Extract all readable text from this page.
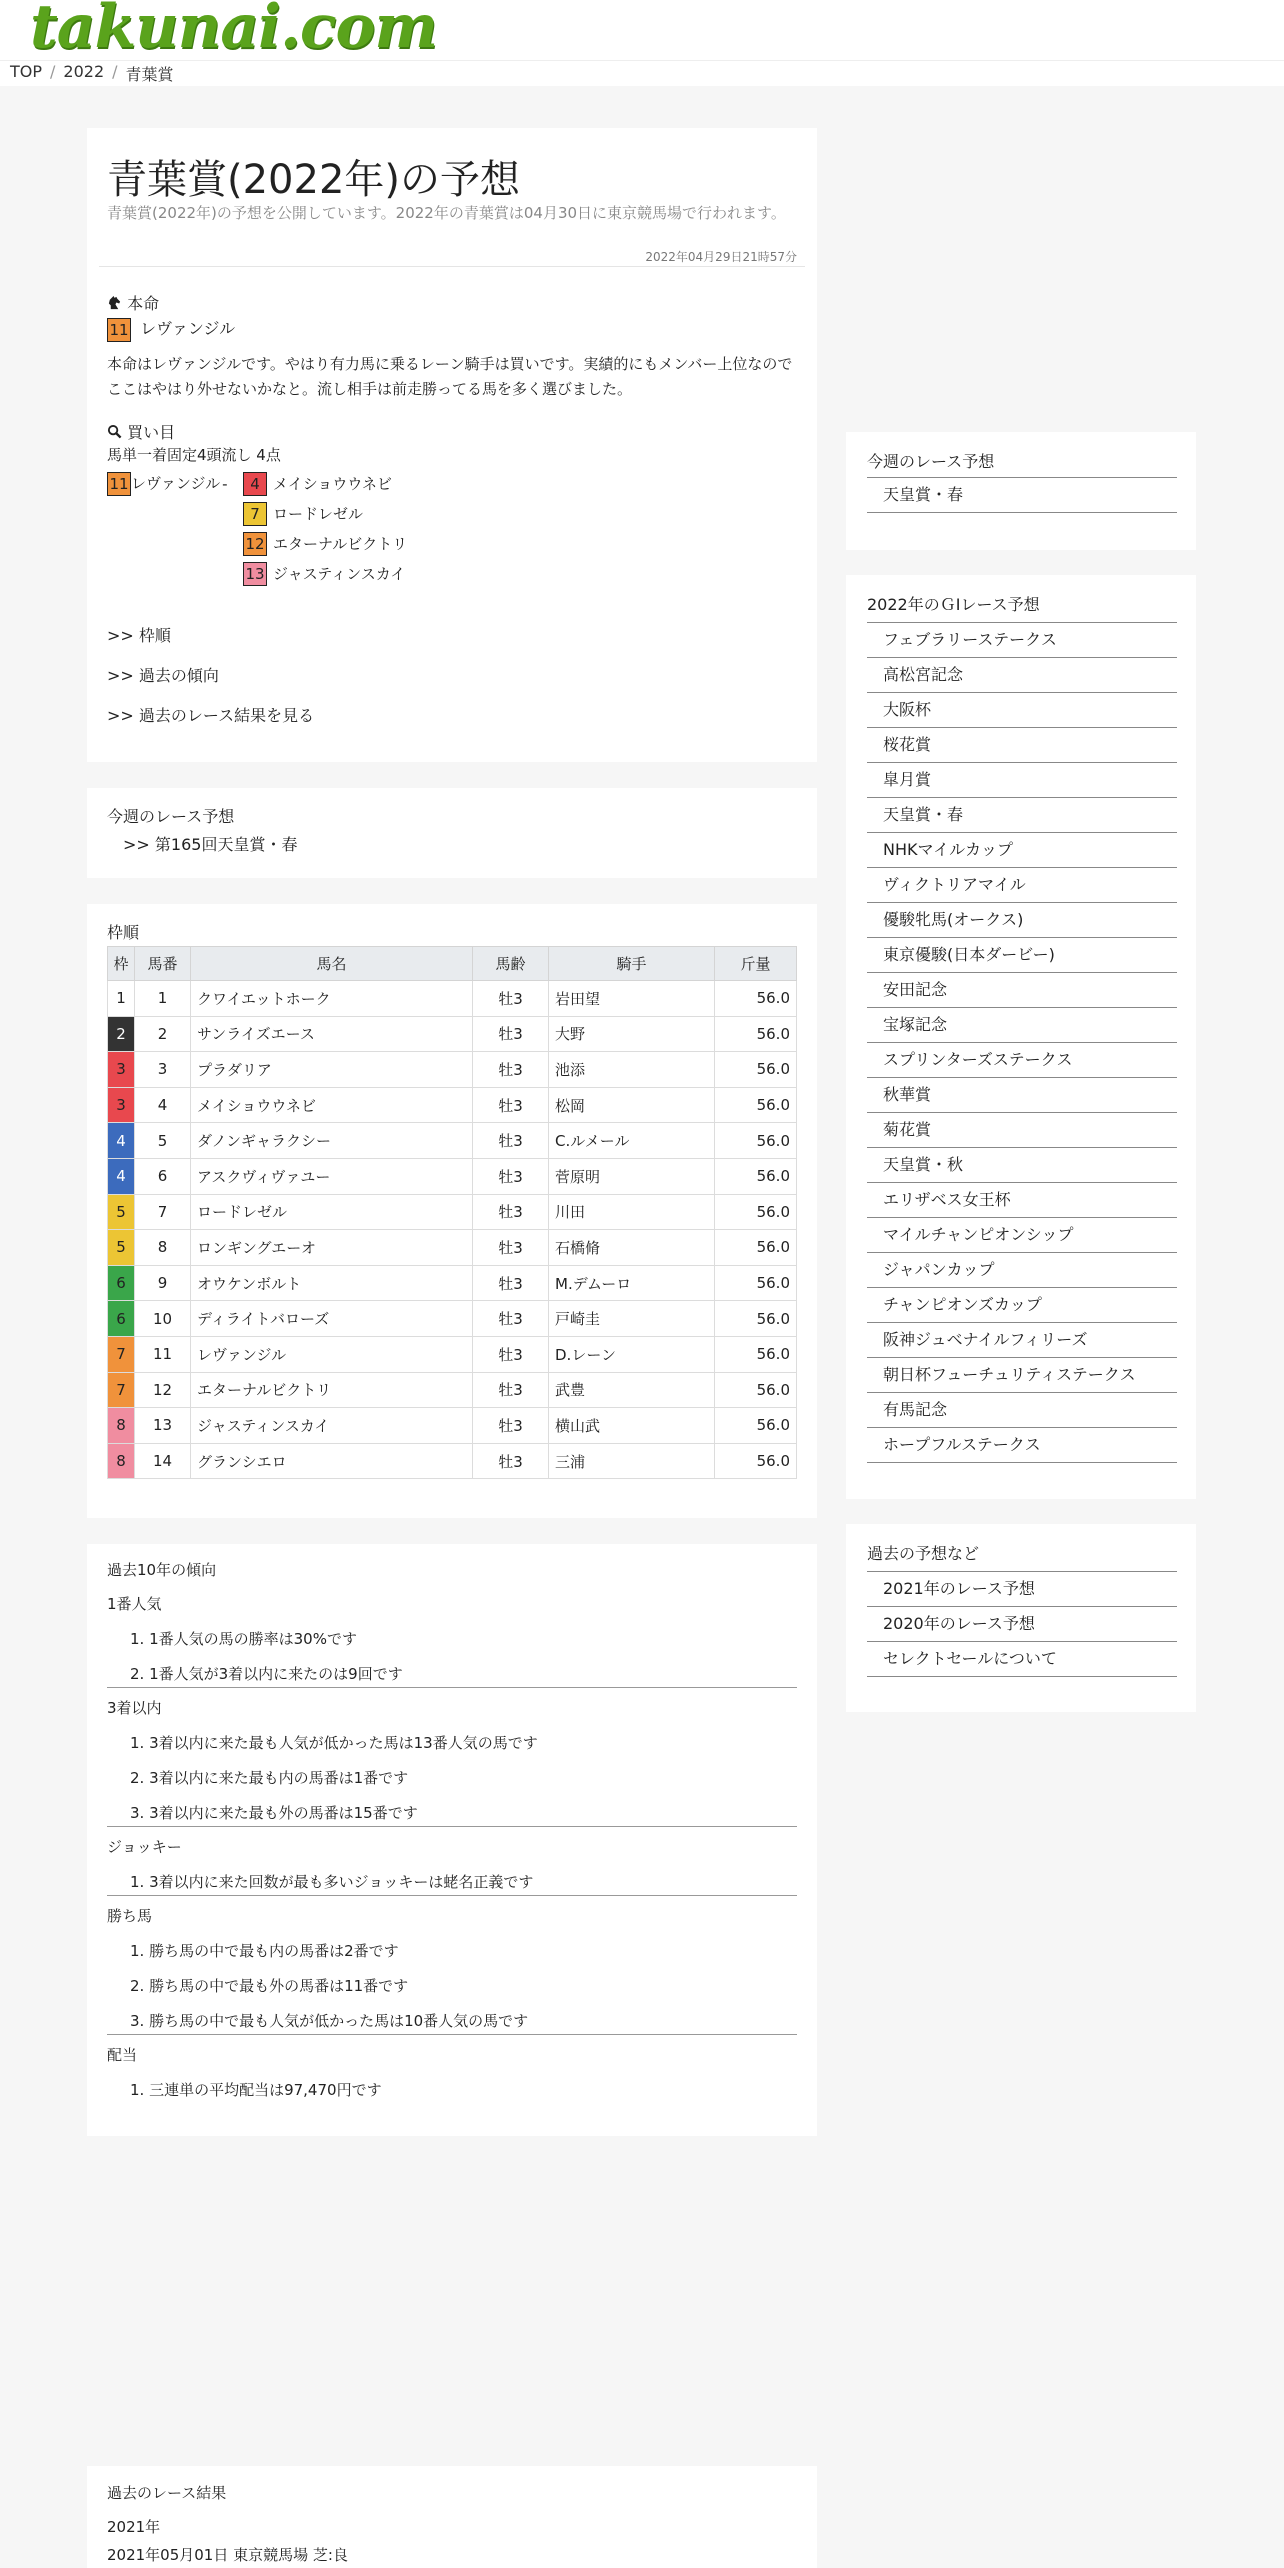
takunai.com
TOP / 2022 / 青葉賞
青葉賞(2022年)の予想
青葉賞(2022年)の予想を公開しています。2022年の青葉賞は04月30日に東京競馬場で行われます。
2022年04月29日21時57分
本命
11 レヴァンジル
本命はレヴァンジルです。やはり有力馬に乗るレーン騎手は買いです。実績的にもメンバー上位なのでここはやはり外せないかなと。流し相手は前走勝ってる馬を多く選びました。
買い目
馬単一着固定4頭流し 4点
11 レヴァンジル -	4 メイショウウネビ
7 ロードレゼル
12 エターナルビクトリ
13 ジャスティンスカイ
>> 枠順
>> 過去の傾向
>> 過去のレース結果を見る
今週のレース予想
>> 第165回天皇賞・春
枠順
枠	馬番	馬名	馬齢	騎手	斤量
1	1	クワイエットホーク	牡3	岩田望	56.0
2	2	サンライズエース	牡3	大野	56.0
3	3	プラダリア	牡3	池添	56.0
3	4	メイショウウネビ	牡3	松岡	56.0
4	5	ダノンギャラクシー	牡3	C.ルメール	56.0
4	6	アスクヴィヴァユー	牡3	菅原明	56.0
5	7	ロードレゼル	牡3	川田	56.0
5	8	ロンギングエーオ	牡3	石橋脩	56.0
6	9	オウケンボルト	牡3	M.デムーロ	56.0
6	10	ディライトバローズ	牡3	戸崎圭	56.0
7	11	レヴァンジル	牡3	D.レーン	56.0
7	12	エターナルビクトリ	牡3	武豊	56.0
8	13	ジャスティンスカイ	牡3	横山武	56.0
8	14	グランシエロ	牡3	三浦	56.0
過去10年の傾向
1番人気
1. 1番人気の馬の勝率は30%です
2. 1番人気が3着以内に来たのは9回です
3着以内
1. 3着以内に来た最も人気が低かった馬は13番人気の馬です
2. 3着以内に来た最も内の馬番は1番です
3. 3着以内に来た最も外の馬番は15番です
ジョッキー
1. 3着以内に来た回数が最も多いジョッキーは蛯名正義です
勝ち馬
1. 勝ち馬の中で最も内の馬番は2番です
2. 勝ち馬の中で最も外の馬番は11番です
3. 勝ち馬の中で最も人気が低かった馬は10番人気の馬です
配当
1. 三連単の平均配当は97,470円です
過去のレース結果
2021年
2021年05月01日 東京競馬場 芝:良
今週のレース予想
天皇賞・春
2022年のＧⅠレース予想
フェブラリーステークス
高松宮記念
大阪杯
桜花賞
皐月賞
天皇賞・春
NHKマイルカップ
ヴィクトリアマイル
優駿牝馬(オークス)
東京優駿(日本ダービー)
安田記念
宝塚記念
スプリンターズステークス
秋華賞
菊花賞
天皇賞・秋
エリザベス女王杯
マイルチャンピオンシップ
ジャパンカップ
チャンピオンズカップ
阪神ジュベナイルフィリーズ
朝日杯フューチュリティステークス
有馬記念
ホープフルステークス
過去の予想など
2021年のレース予想
2020年のレース予想
セレクトセールについて
